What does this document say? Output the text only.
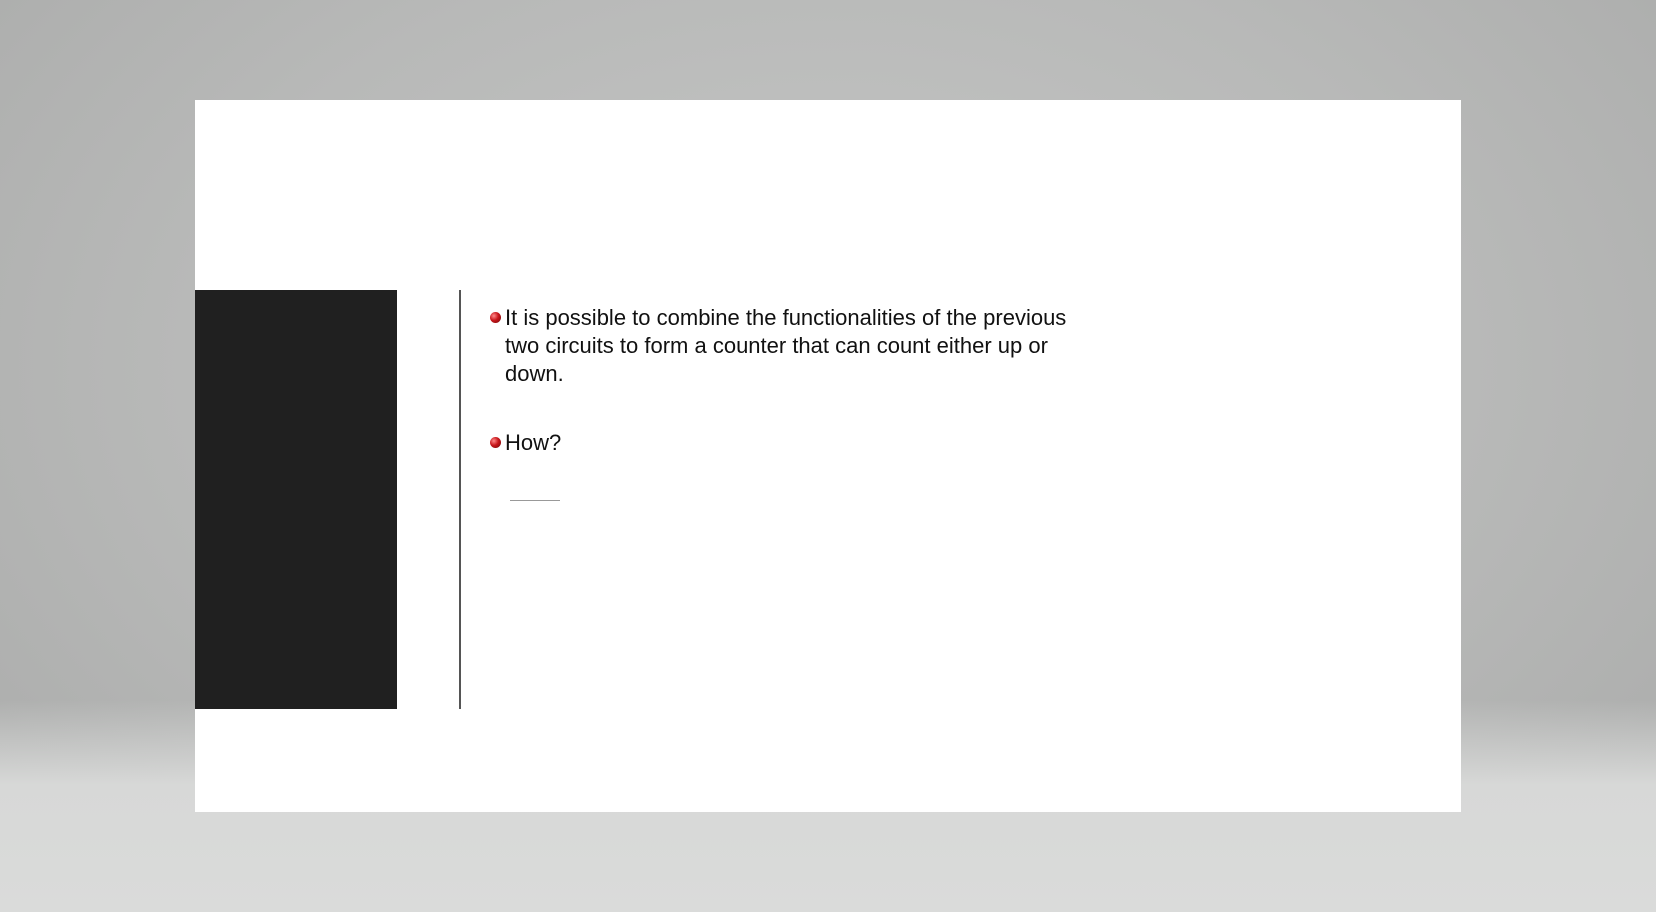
It is possible to combine the functionalities of the previous two circuits to form a counter that can count either up or down.
How?
